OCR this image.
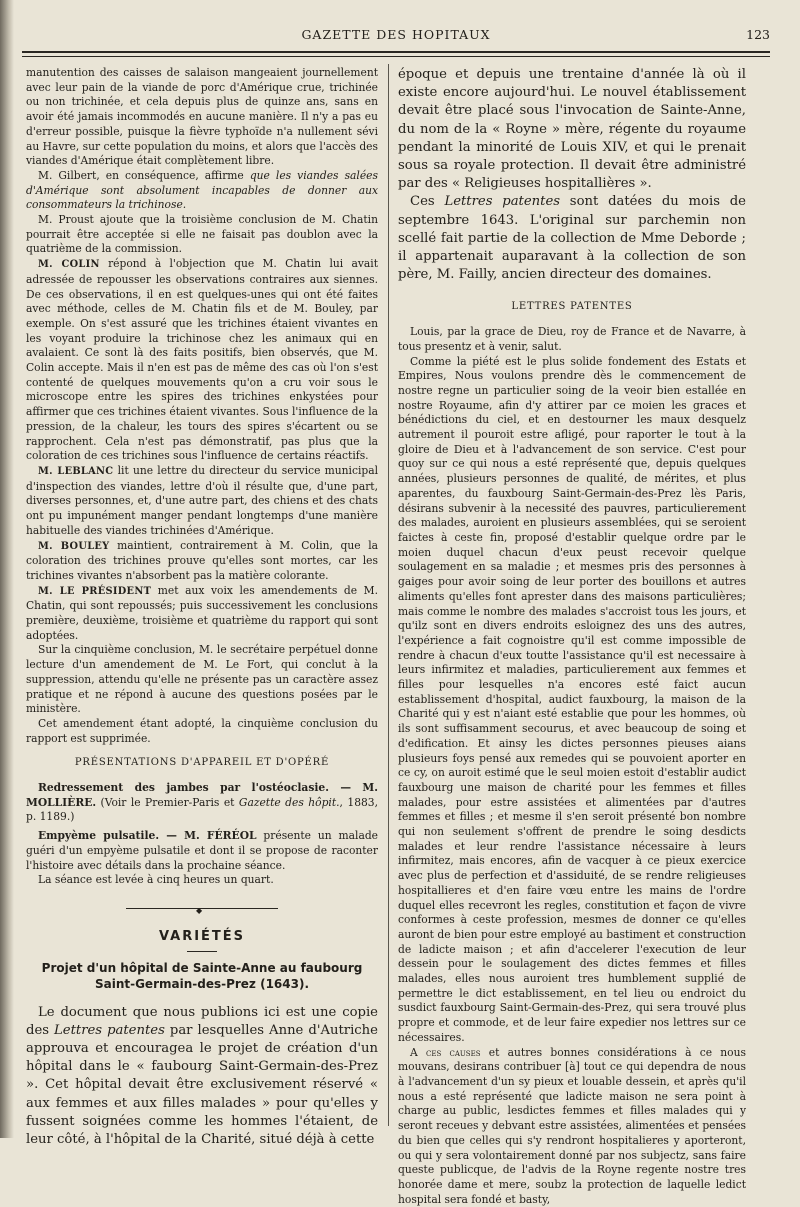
GAZETTE DES HOPITAUX	123

manutention des caisses de salaison mangeaient journellement avec leur pain de la viande de porc d'Amérique crue, trichinée ou non trichinée, et cela depuis plus de quinze ans, sans en avoir été jamais incommodés en aucune manière. Il n'y a pas eu d'erreur possible, puisque la fièvre typhoïde n'a nullement sévi au Havre, sur cette population du moins, et alors que l'accès des viandes d'Amérique était complètement libre.

M. Gilbert, en conséquence, affirme que les viandes salées d'Amérique sont absolument incapables de donner aux consommateurs la trichinose.

M. Proust ajoute que la troisième conclusion de M. Chatin pourrait être acceptée si elle ne faisait pas doublon avec la quatrième de la commission.

M. COLIN répond à l'objection que M. Chatin lui avait adressée de repousser les observations contraires aux siennes. De ces observations, il en est quelques-unes qui ont été faites avec méthode, celles de M. Chatin fils et de M. Bouley, par exemple. On s'est assuré que les trichines étaient vivantes en les voyant produire la trichinose chez les animaux qui en avalaient. Ce sont là des faits positifs, bien observés, que M. Colin accepte. Mais il n'en est pas de même des cas où l'on s'est contenté de quelques mouvements qu'on a cru voir sous le microscope entre les spires des trichines enkystées pour affirmer que ces trichines étaient vivantes. Sous l'influence de la pression, de la chaleur, les tours des spires s'écartent ou se rapprochent. Cela n'est pas démonstratif, pas plus que la coloration de ces trichines sous l'influence de certains réactifs.

M. LEBLANC lit une lettre du directeur du service municipal d'inspection des viandes, lettre d'où il résulte que, d'une part, diverses personnes, et, d'une autre part, des chiens et des chats ont pu impunément manger pendant longtemps d'une manière habituelle des viandes trichinées d'Amérique.

M. BOULEY maintient, contrairement à M. Colin, que la coloration des trichines prouve qu'elles sont mortes, car les trichines vivantes n'absorbent pas la matière colorante.

M. LE PRÉSIDENT met aux voix les amendements de M. Chatin, qui sont repoussés; puis successivement les conclusions première, deuxième, troisième et quatrième du rapport qui sont adoptées.

Sur la cinquième conclusion, M. le secrétaire perpétuel donne lecture d'un amendement de M. Le Fort, qui conclut à la suppression, attendu qu'elle ne présente pas un caractère assez pratique et ne répond à aucune des questions posées par le ministère.

Cet amendement étant adopté, la cinquième conclusion du rapport est supprimée.

PRÉSENTATIONS D'APPAREIL ET D'OPÉRÉ

Redressement des jambes par l'ostéoclasie. — M. MOLLIÈRE. (Voir le Premier-Paris et Gazette des hôpit., 1883, p. 1189.)

Empyème pulsatile. — M. FÉRÉOL présente un malade guéri d'un empyème pulsatile et dont il se propose de raconter l'histoire avec détails dans la prochaine séance.

La séance est levée à cinq heures un quart.

◆

VARIÉTÉS

Projet d'un hôpital de Sainte-Anne au faubourg Saint-Germain-des-Prez (1643).

Le document que nous publions ici est une copie des Lettres patentes par lesquelles Anne d'Autriche approuva et encouragea le projet de création d'un hôpital dans le « faubourg Saint-Germain-des-Prez ». Cet hôpital devait être exclusivement réservé « aux femmes et aux filles malades » pour qu'elles y fussent soignées comme les hommes l'étaient, de leur côté, à l'hôpital de la Charité, situé déjà à cette

époque et depuis une trentaine d'année là où il existe encore aujourd'hui. Le nouvel établissement devait être placé sous l'invocation de Sainte-Anne, du nom de la « Royne » mère, régente du royaume pendant la minorité de Louis XIV, et qui le prenait sous sa royale protection. Il devait être administré par des « Religieuses hospitallières ».

Ces Lettres patentes sont datées du mois de septembre 1643. L'original sur parchemin non scellé fait partie de la collection de Mme Deborde ; il appartenait auparavant à la collection de son père, M. Failly, ancien directeur des domaines.

LETTRES PATENTES

Louis, par la grace de Dieu, roy de France et de Navarre, à tous presentz et à venir, salut.

Comme la piété est le plus solide fondement des Estats et Empires, Nous voulons prendre dès le commencement de nostre regne un particulier soing de la veoir bien estallée en nostre Royaume, afin d'y attirer par ce moien les graces et bénédictions du ciel, et en destourner les maux desquelz autrement il pouroit estre afligé, pour raporter le tout à la gloire de Dieu et à l'advancement de son service. C'est pour quoy sur ce qui nous a esté représenté que, depuis quelques années, plusieurs personnes de qualité, de mérites, et plus aparentes, du fauxbourg Saint-Germain-des-Prez lès Paris, désirans subvenir à la necessité des pauvres, particulierement des malades, auroient en plusieurs assemblées, qui se seroient faictes à ceste fin, proposé d'establir quelque ordre par le moien duquel chacun d'eux peust recevoir quelque soulagement en sa maladie ; et mesmes pris des personnes à gaiges pour avoir soing de leur porter des bouillons et autres aliments qu'elles font aprester dans des maisons particulières; mais comme le nombre des malades s'accroist tous les jours, et qu'ilz sont en divers endroits esloignez des uns des autres, l'expérience a fait cognoistre qu'il est comme impossible de rendre à chacun d'eux toutte l'assistance qu'il est necessaire à leurs infirmitez et maladies, particulierement aux femmes et filles pour lesquelles n'a encores esté faict aucun establissement d'hospital, audict fauxbourg, la maison de la Charité qui y est n'aiant esté establie que pour les hommes, où ils sont suffisamment secourus, et avec beaucoup de soing et d'edification. Et ainsy les dictes personnes pieuses aians plusieurs foys pensé aux remedes qui se pouvoient aporter en ce cy, on auroit estimé que le seul moien estoit d'establir audict fauxbourg une maison de charité pour les femmes et filles malades, pour estre assistées et alimentées par d'autres femmes et filles ; et mesme il s'en seroit présenté bon nombre qui non seulement s'offrent de prendre le soing desdicts malades et leur rendre l'assistance nécessaire à leurs infirmitez, mais encores, afin de vacquer à ce pieux exercice avec plus de perfection et d'assiduité, de se rendre religieuses hospitallieres et d'en faire vœu entre les mains de l'ordre duquel elles recevront les regles, constitution et façon de vivre conformes à ceste profession, mesmes de donner ce qu'elles auront de bien pour estre employé au bastiment et construction de ladicte maison ; et afin d'accelerer l'execution de leur dessein pour le soulagement des dictes femmes et filles malades, elles nous auroient tres humblement supplié de permettre le dict establissement, en tel lieu ou endroict du susdict fauxbourg Saint-Germain-des-Prez, qui sera trouvé plus propre et commode, et de leur faire expedier nos lettres sur ce nécessaires.

A ces causes et autres bonnes considérations à ce nous mouvans, desirans contribuer [à] tout ce qui dependra de nous à l'advancement d'un sy pieux et louable dessein, et après qu'il nous a esté représenté que ladicte maison ne sera point à charge au public, lesdictes femmes et filles malades qui y seront receues y debvant estre assistées, alimentées et pensées du bien que celles qui s'y rendront hospitalieres y aporteront, ou qui y sera volontairement donné par nos subjectz, sans faire queste publicque, de l'advis de la Royne regente nostre tres honorée dame et mere, soubz la protection de laquelle ledict hospital sera fondé et basty,
